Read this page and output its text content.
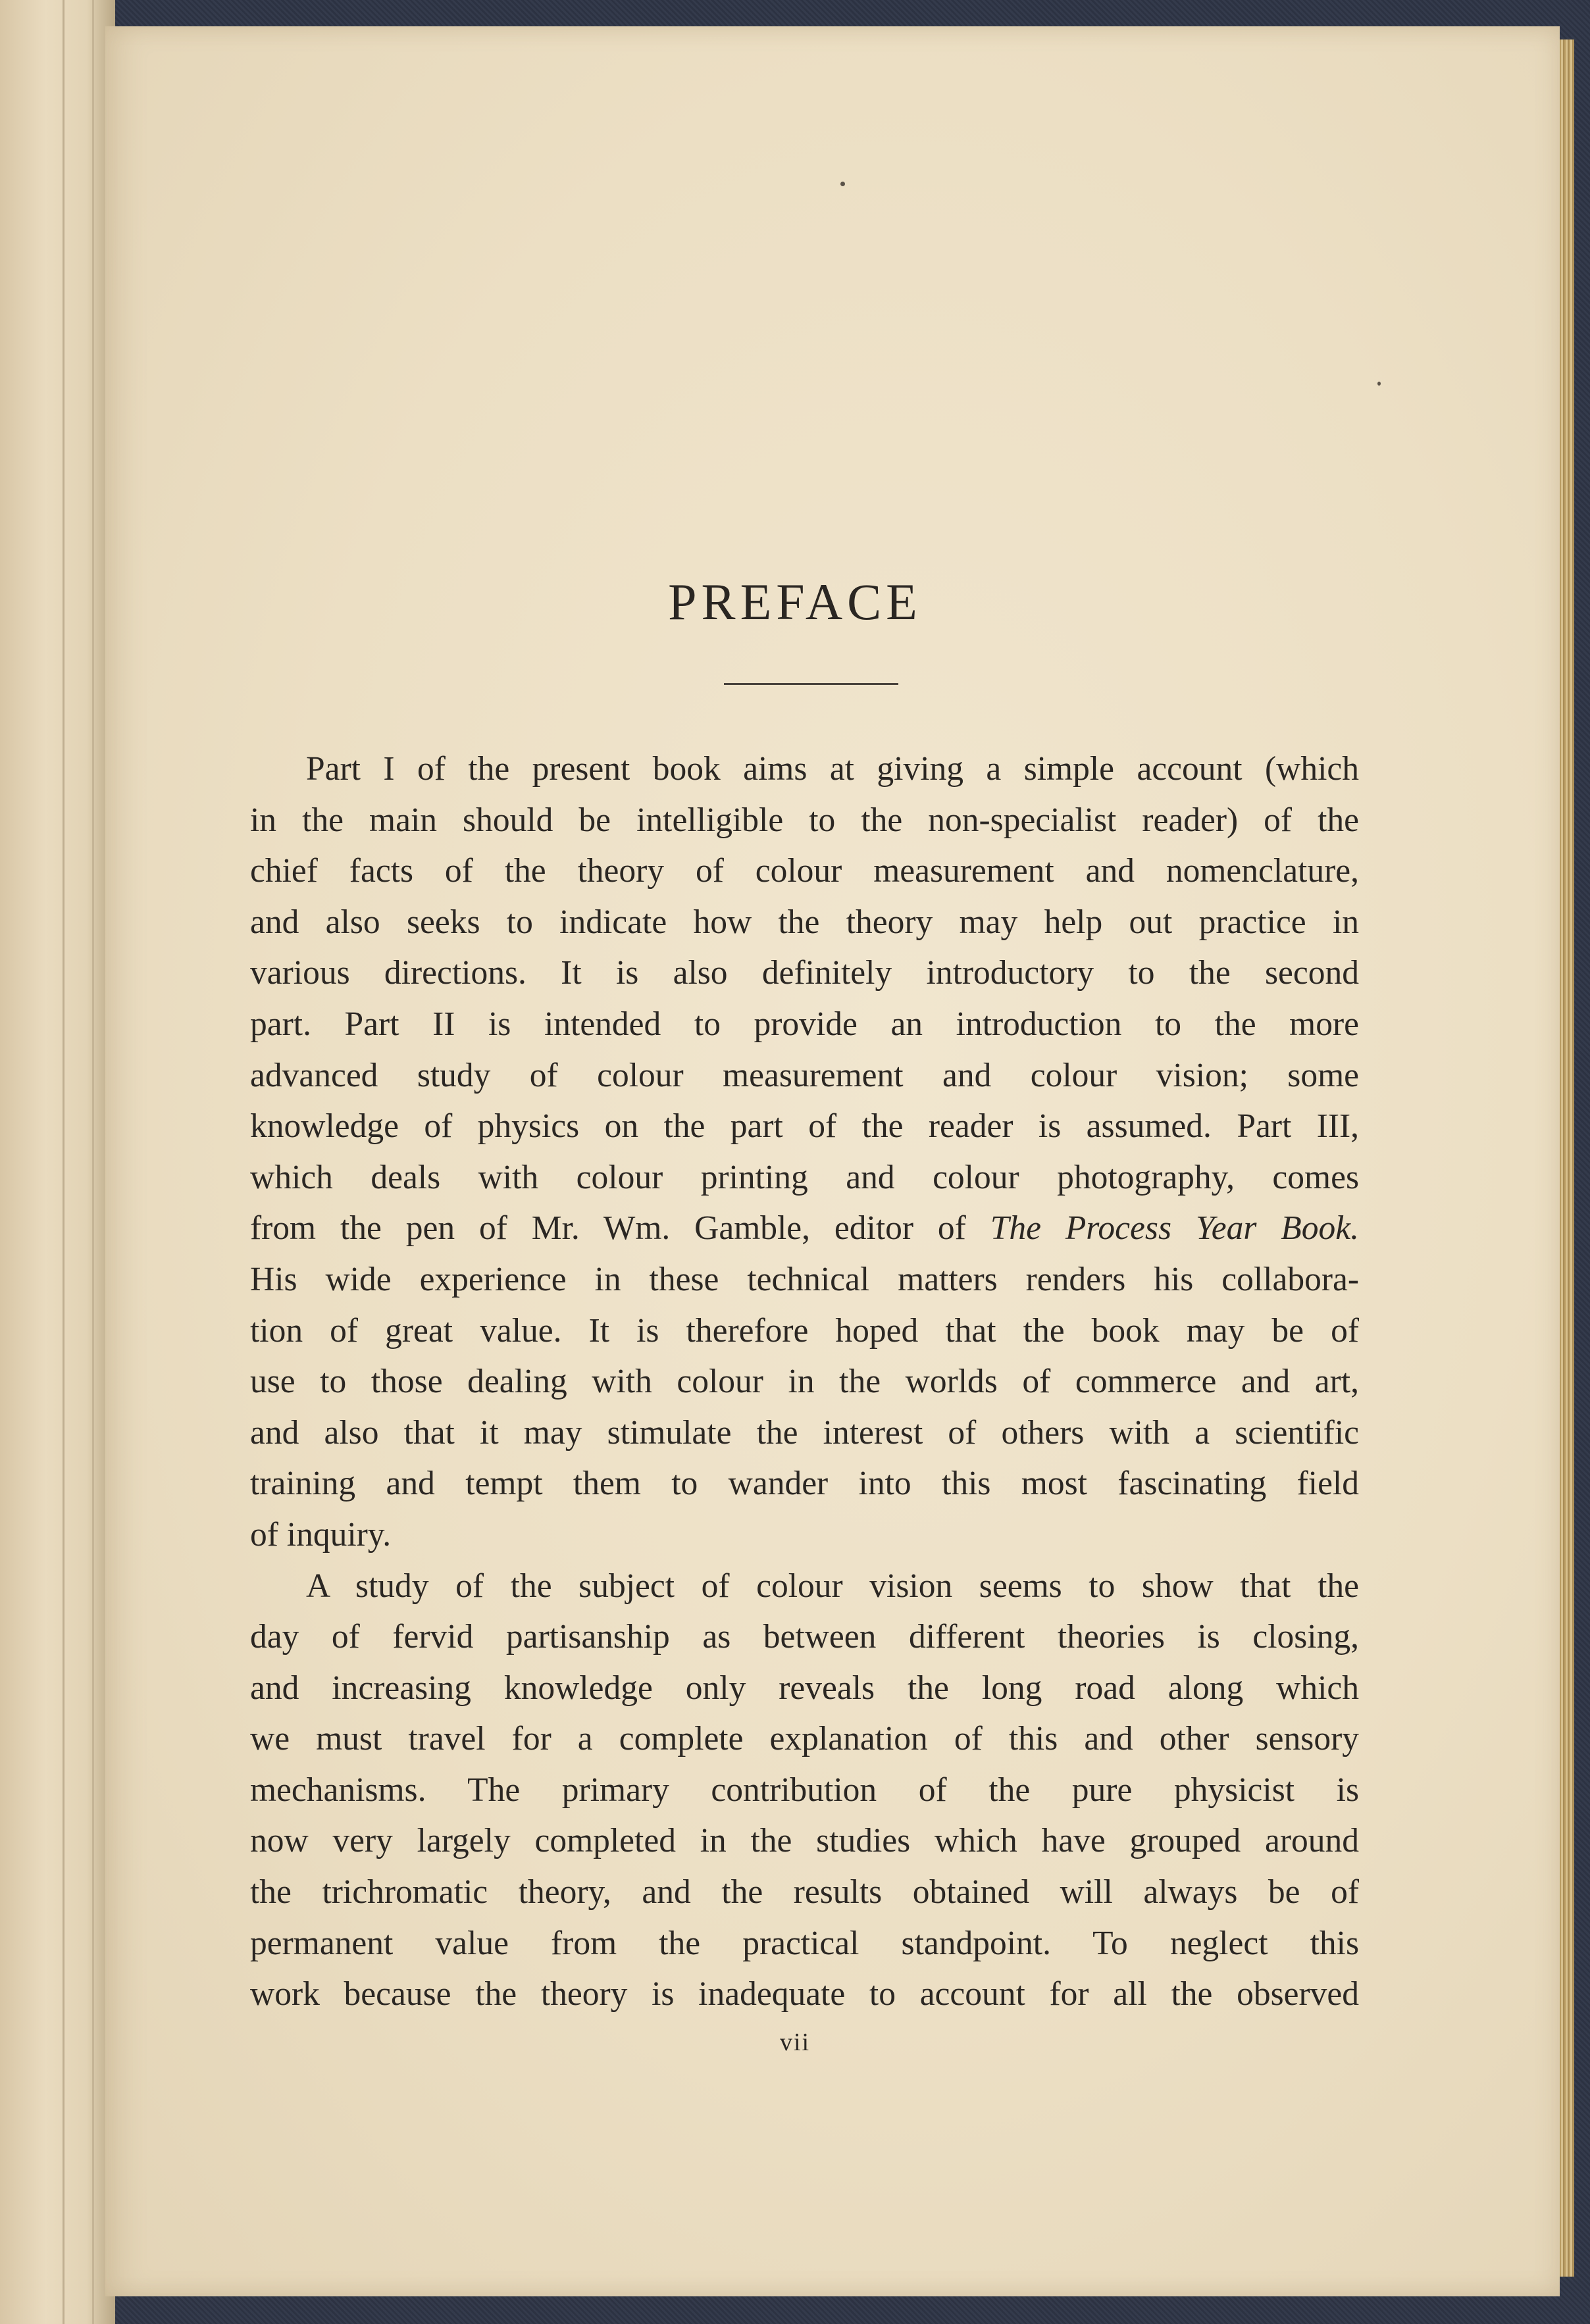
PREFACE

Part I of the present book aims at giving a simple account (which
in the main should be intelligible to the non-specialist reader) of the
chief facts of the theory of colour measurement and nomenclature,
and also seeks to indicate how the theory may help out practice in
various directions. It is also definitely introductory to the second
part. Part II is intended to provide an introduction to the more
advanced study of colour measurement and colour vision; some
knowledge of physics on the part of the reader is assumed. Part III,
which deals with colour printing and colour photography, comes
from the pen of Mr. Wm. Gamble, editor of The Process Year Book.
His wide experience in these technical matters renders his collabora-
tion of great value. It is therefore hoped that the book may be of
use to those dealing with colour in the worlds of commerce and art,
and also that it may stimulate the interest of others with a scientific
training and tempt them to wander into this most fascinating field
of inquiry.

A study of the subject of colour vision seems to show that the
day of fervid partisanship as between different theories is closing,
and increasing knowledge only reveals the long road along which
we must travel for a complete explanation of this and other sensory
mechanisms. The primary contribution of the pure physicist is
now very largely completed in the studies which have grouped around
the trichromatic theory, and the results obtained will always be of
permanent value from the practical standpoint. To neglect this
work because the theory is inadequate to account for all the observed

vii
